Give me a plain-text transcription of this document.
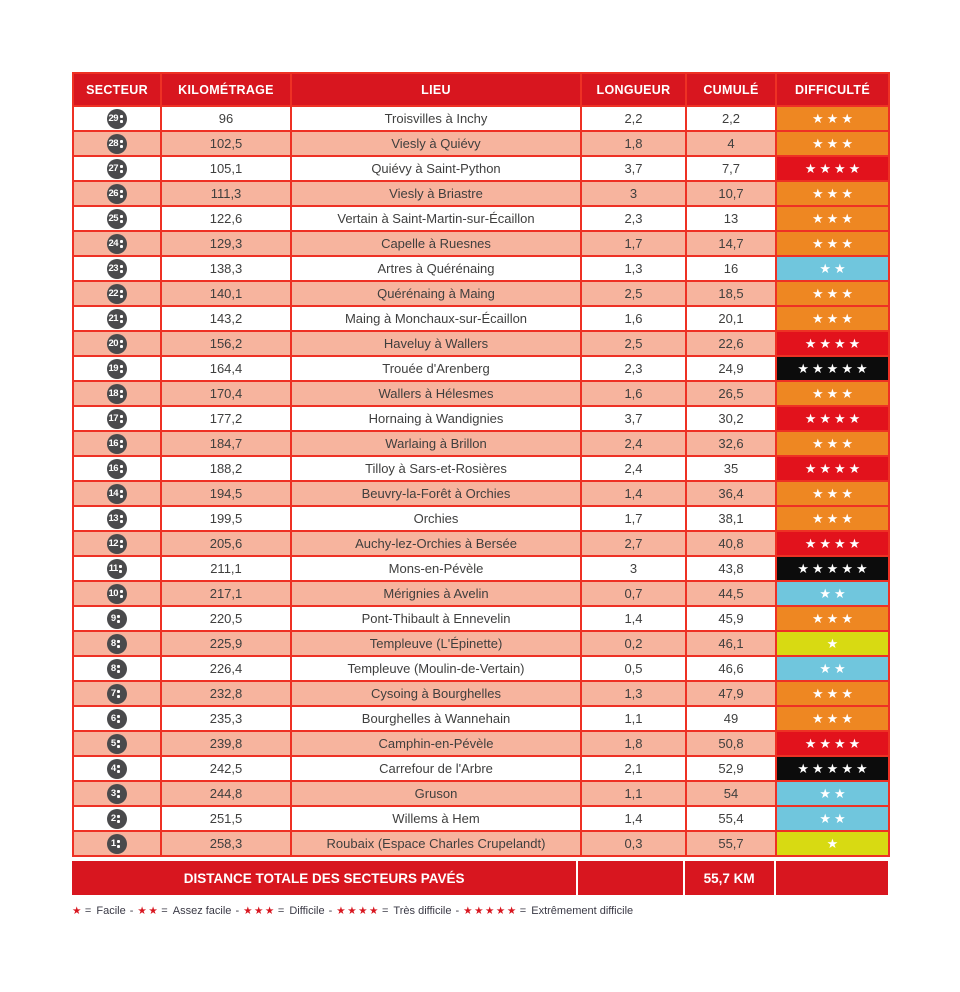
SECTEUR	KILOMÉTRAGE	LIEU	LONGUEUR	CUMULÉ	DIFFICULTÉ

29	96	Troisvilles à Inchy	2,2	2,2	★★★

28	102,5	Viesly à Quiévy	1,8	4	★★★

27	105,1	Quiévy à Saint-Python	3,7	7,7	★★★★

26	111,3	Viesly à Briastre	3	10,7	★★★

25	122,6	Vertain à Saint-Martin-sur-Écaillon	2,3	13	★★★

24	129,3	Capelle à Ruesnes	1,7	14,7	★★★

23	138,3	Artres à Quérénaing	1,3	16	★★

22	140,1	Quérénaing à Maing	2,5	18,5	★★★

21	143,2	Maing à Monchaux-sur-Écaillon	1,6	20,1	★★★

20	156,2	Haveluy à Wallers	2,5	22,6	★★★★

19	164,4	Trouée d'Arenberg	2,3	24,9	★★★★★

18	170,4	Wallers à Hélesmes	1,6	26,5	★★★

17	177,2	Hornaing à Wandignies	3,7	30,2	★★★★

16	184,7	Warlaing à Brillon	2,4	32,6	★★★

16	188,2	Tilloy à Sars-et-Rosières	2,4	35	★★★★

14	194,5	Beuvry-la-Forêt à Orchies	1,4	36,4	★★★

13	199,5	Orchies	1,7	38,1	★★★

12	205,6	Auchy-lez-Orchies à Bersée	2,7	40,8	★★★★

11	211,1	Mons-en-Pévèle	3	43,8	★★★★★

10	217,1	Mérignies à Avelin	0,7	44,5	★★

9	220,5	Pont-Thibault à Ennevelin	1,4	45,9	★★★

8	225,9	Templeuve (L'Épinette)	0,2	46,1	★

8	226,4	Templeuve (Moulin-de-Vertain)	0,5	46,6	★★

7	232,8	Cysoing à Bourghelles	1,3	47,9	★★★

6	235,3	Bourghelles à Wannehain	1,1	49	★★★

5	239,8	Camphin-en-Pévèle	1,8	50,8	★★★★

4	242,5	Carrefour de l'Arbre	2,1	52,9	★★★★★

3	244,8	Gruson	1,1	54	★★

2	251,5	Willems à Hem	1,4	55,4	★★

1	258,3	Roubaix (Espace Charles Crupelandt)	0,3	55,7	★
DISTANCE TOTALE DES SECTEURS PAVÉS	55,7 KM
★ = Facile - ★★ = Assez facile - ★★★ = Difficile - ★★★★ = Très difficile - ★★★★★ = Extrêmement difficile
